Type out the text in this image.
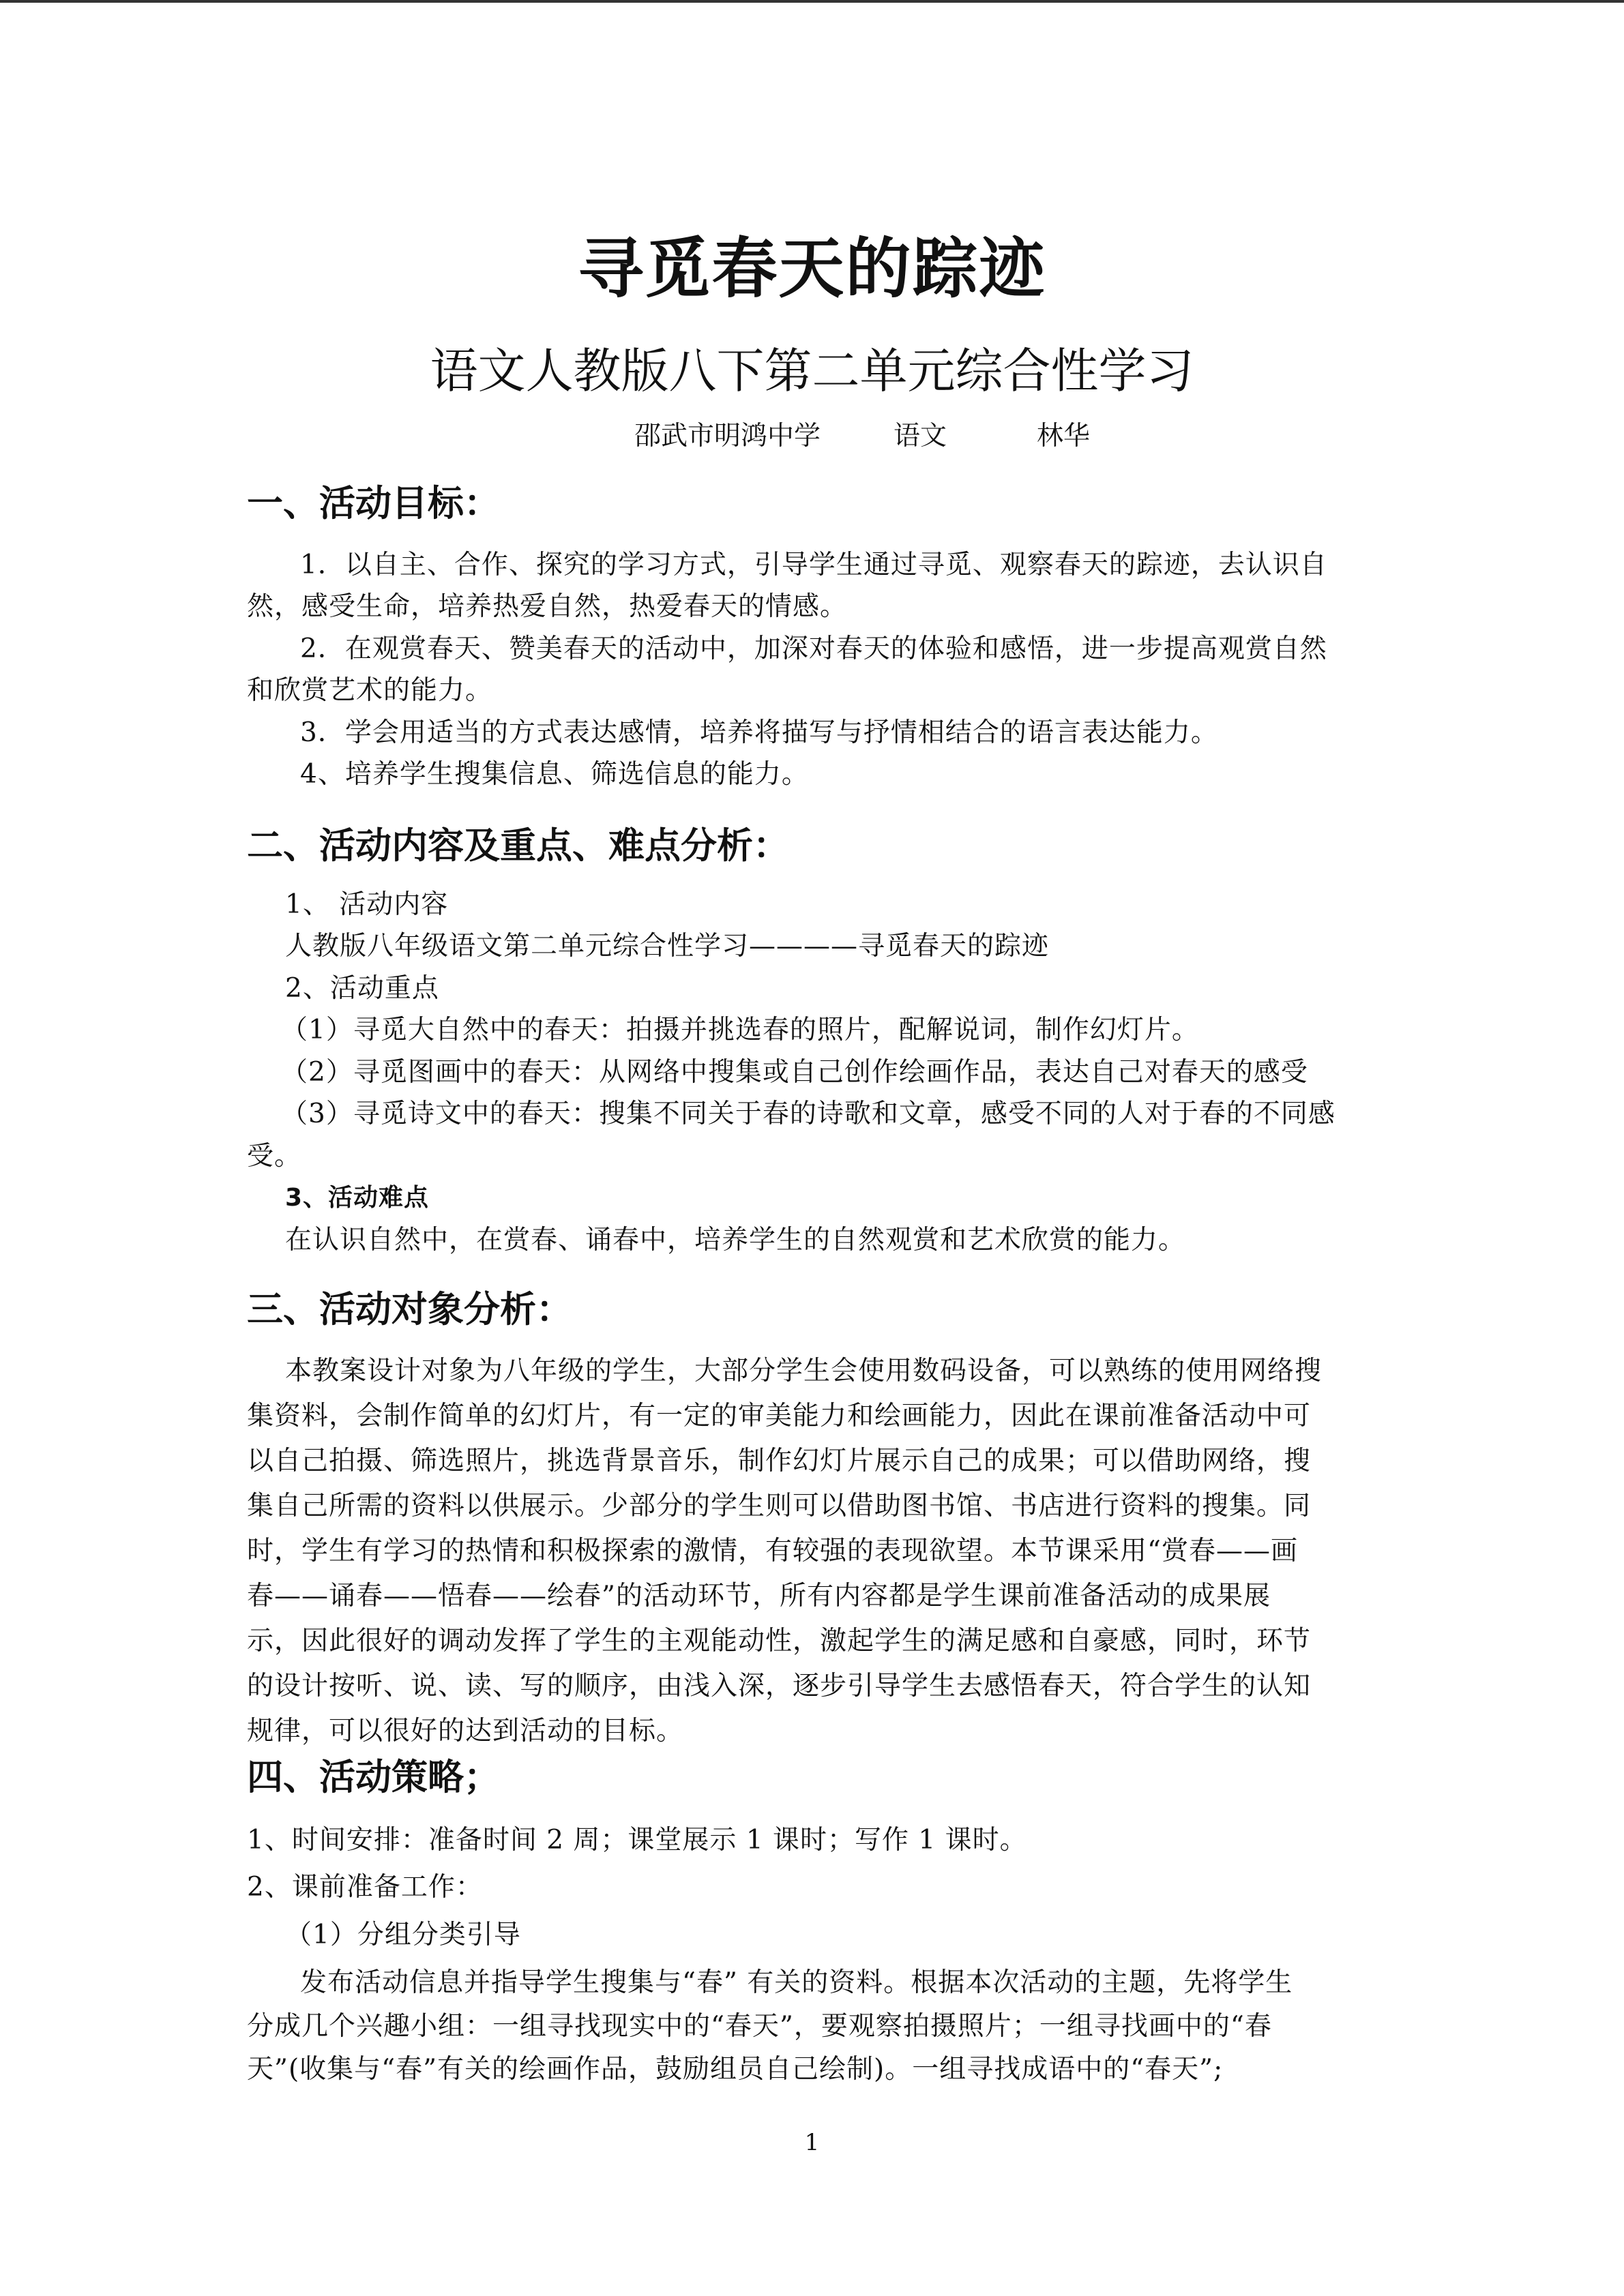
寻觅春天的踪迹
语文人教版八下第二单元综合性学习
邵武市明鸿中学	语文	林华
一、活动目标：
1．以自主、合作、探究的学习方式，引导学生通过寻觅、观察春天的踪迹，去认识自
然，感受生命，培养热爱自然，热爱春天的情感。
2．在观赏春天、赞美春天的活动中，加深对春天的体验和感悟，进一步提高观赏自然
和欣赏艺术的能力。
3．学会用适当的方式表达感情，培养将描写与抒情相结合的语言表达能力。
4、培养学生搜集信息、筛选信息的能力。
二、活动内容及重点、难点分析：
1、 活动内容
人教版八年级语文第二单元综合性学习————寻觅春天的踪迹
2、活动重点
（1）寻觅大自然中的春天：拍摄并挑选春的照片，配解说词，制作幻灯片。
（2）寻觅图画中的春天：从网络中搜集或自己创作绘画作品，表达自己对春天的感受
（3）寻觅诗文中的春天：搜集不同关于春的诗歌和文章，感受不同的人对于春的不同感
受。
3、活动难点
在认识自然中，在赏春、诵春中，培养学生的自然观赏和艺术欣赏的能力。
三、活动对象分析：
本教案设计对象为八年级的学生，大部分学生会使用数码设备，可以熟练的使用网络搜
集资料，会制作简单的幻灯片，有一定的审美能力和绘画能力，因此在课前准备活动中可
以自己拍摄、筛选照片，挑选背景音乐，制作幻灯片展示自己的成果；可以借助网络，搜
集自己所需的资料以供展示。少部分的学生则可以借助图书馆、书店进行资料的搜集。同
时，学生有学习的热情和积极探索的激情，有较强的表现欲望。本节课采用“赏春——画
春——诵春——悟春——绘春”的活动环节，所有内容都是学生课前准备活动的成果展
示，因此很好的调动发挥了学生的主观能动性，激起学生的满足感和自豪感，同时，环节
的设计按听、说、读、写的顺序，由浅入深，逐步引导学生去感悟春天，符合学生的认知
规律，可以很好的达到活动的目标。
四、活动策略；
1、时间安排：准备时间 2 周；课堂展示 1 课时；写作 1 课时。
2、课前准备工作：
（1）分组分类引导
发布活动信息并指导学生搜集与“春” 有关的资料。根据本次活动的主题，先将学生
分成几个兴趣小组：一组寻找现实中的“春天”，要观察拍摄照片；一组寻找画中的“春
天”(收集与“春”有关的绘画作品，鼓励组员自己绘制)。一组寻找成语中的“春天”;
1
